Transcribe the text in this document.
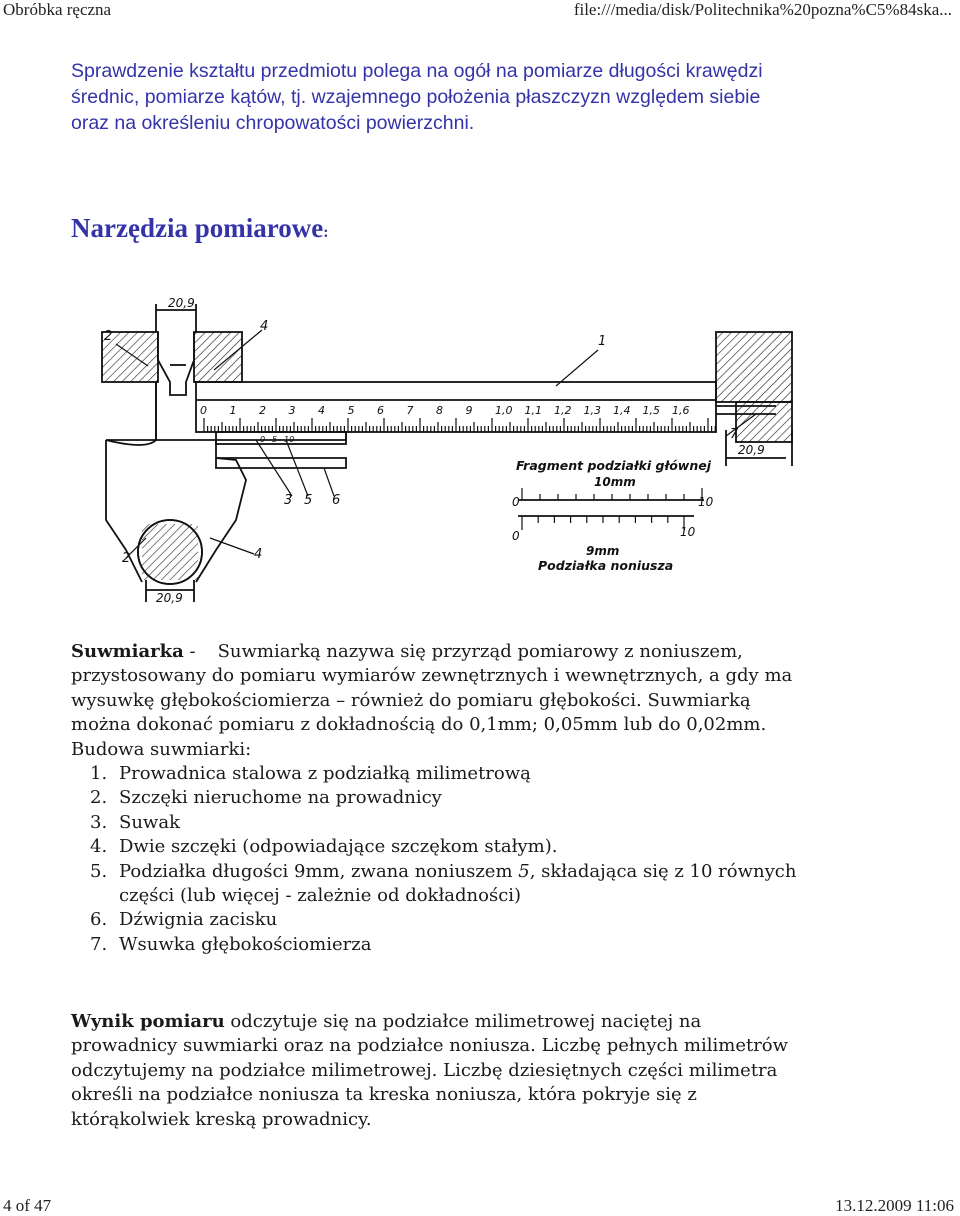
Obróbka ręczna	file:///media/disk/Politechnika%20pozna%C5%84ska...

Sprawdzenie kształtu przedmiotu polega na ogół na pomiarze długości krawędzi
średnic, pomiarze kątów, tj. wzajemnego położenia płaszczyzn względem siebie
oraz na określeniu chropowatości powierzchni.

Narzędzia pomiarowe:
0 1 2 3 4 5 6 7 8 9 1,0 1,1 1,2 1,3 1,4 1,5 1,6
20,9
20,9
20,9
1
2
4
7
3 5 6
2	4
0 5 10
Fragment podziałki głównej
10mm
0	10
0	10
9mm
Podziałka noniusza
Suwmiarka - Suwmiarką nazywa się przyrząd pomiarowy z noniuszem,
przystosowany do pomiaru wymiarów zewnętrznych i wewnętrznych, a gdy ma
wysuwkę głębokościomierza – również do pomiaru głębokości. Suwmiarką
można dokonać pomiaru z dokładnością do 0,1mm; 0,05mm lub do 0,02mm.
Budowa suwmiarki:
1. Prowadnica stalowa z podziałką milimetrową
2. Szczęki nieruchome na prowadnicy
3. Suwak
4. Dwie szczęki (odpowiadające szczękom stałym).
5. Podziałka długości 9mm, zwana noniuszem 5, składająca się z 10 równych
części (lub więcej - zależnie od dokładności)
6. Dźwignia zacisku
7. Wsuwka głębokościomierza
Wynik pomiaru odczytuje się na podziałce milimetrowej naciętej na
prowadnicy suwmiarki oraz na podziałce noniusza. Liczbę pełnych milimetrów
odczytujemy na podziałce milimetrowej. Liczbę dziesiętnych części milimetra
określi na podziałce noniusza ta kreska noniusza, która pokryje się z
którąkolwiek kreską prowadnicy.
4 of 47	13.12.2009 11:06
